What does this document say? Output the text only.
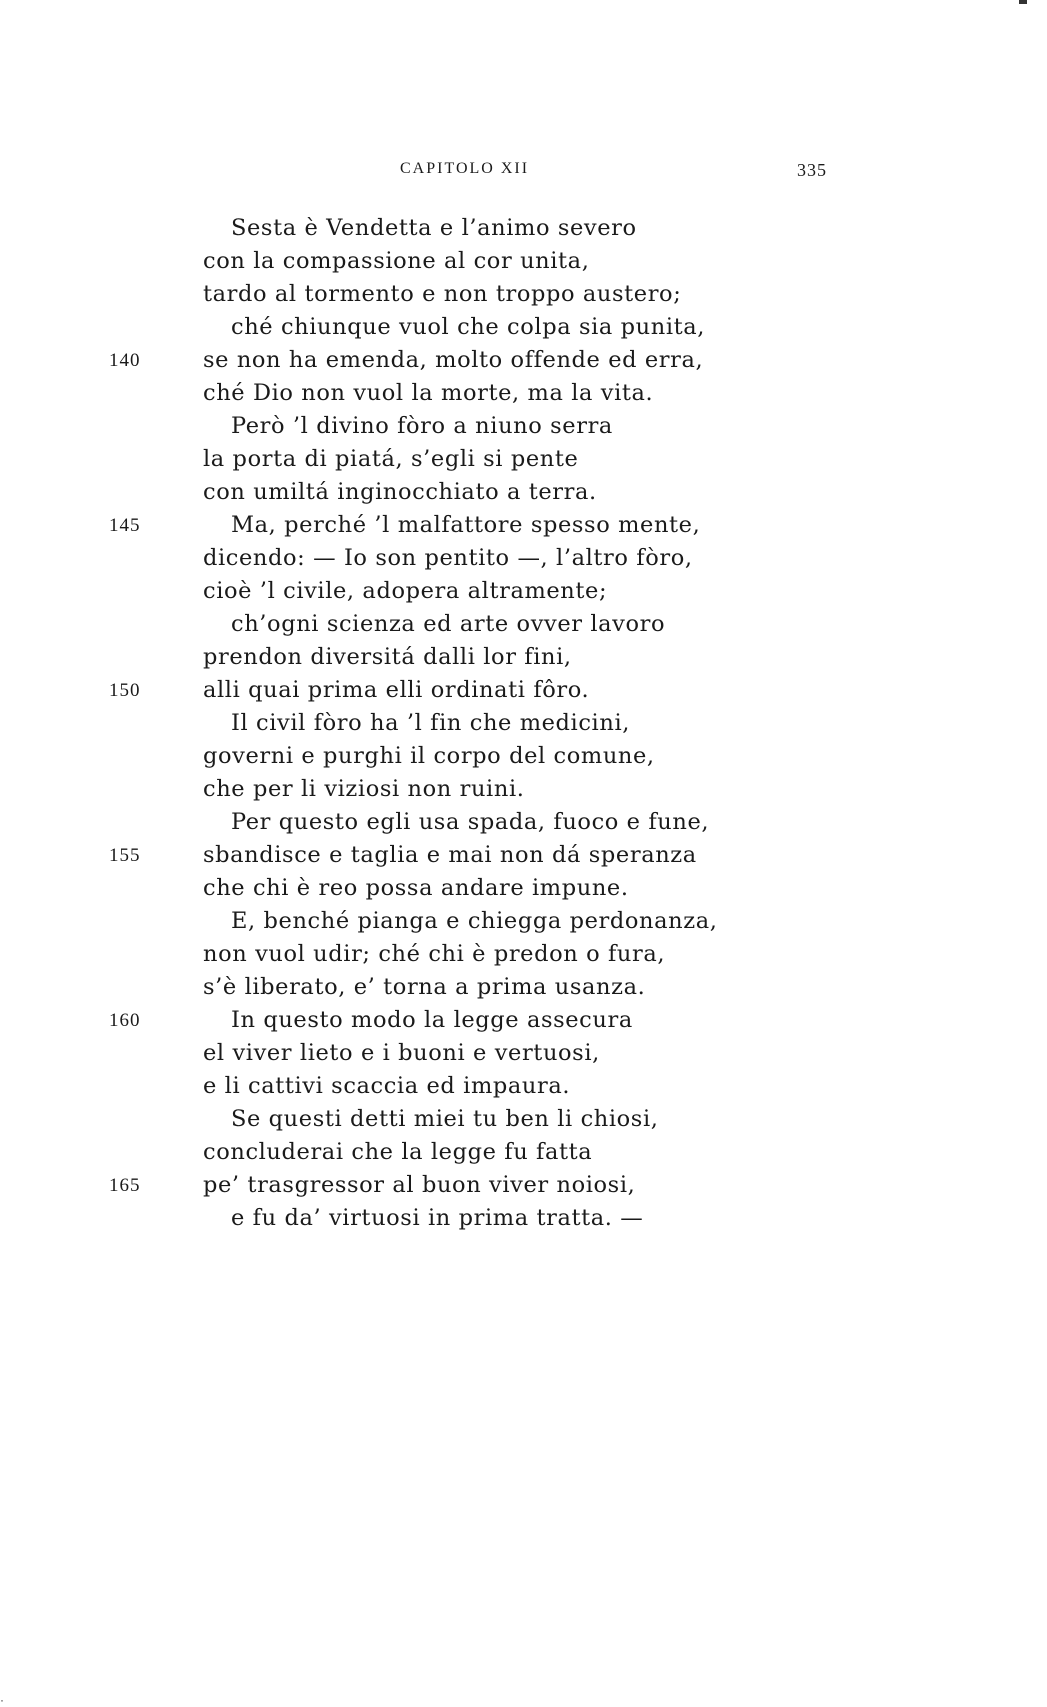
CAPITOLO XII	335
Sesta è Vendetta e l’animo severo
con la compassione al cor unita,
tardo al tormento e non troppo austero;
ché chiunque vuol che colpa sia punita,
140	se non ha emenda, molto offende ed erra,
ché Dio non vuol la morte, ma la vita.
Però ’l divino fòro a niuno serra
la porta di piatá, s’egli si pente
con umiltá inginocchiato a terra.
145	Ma, perché ’l malfattore spesso mente,
dicendo: — Io son pentito —, l’altro fòro,
cioè ’l civile, adopera altramente;
ch’ogni scienza ed arte ovver lavoro
prendon diversitá dalli lor fini,
150	alli quai prima elli ordinati fôro.
Il civil fòro ha ’l fin che medicini,
governi e purghi il corpo del comune,
che per li viziosi non ruini.
Per questo egli usa spada, fuoco e fune,
155	sbandisce e taglia e mai non dá speranza
che chi è reo possa andare impune.
E, benché pianga e chiegga perdonanza,
non vuol udir; ché chi è predon o fura,
s’è liberato, e’ torna a prima usanza.
160	In questo modo la legge assecura
el viver lieto e i buoni e vertuosi,
e li cattivi scaccia ed impaura.
Se questi detti miei tu ben li chiosi,
concluderai che la legge fu fatta
165	pe’ trasgressor al buon viver noiosi,
e fu da’ virtuosi in prima tratta. —
·
